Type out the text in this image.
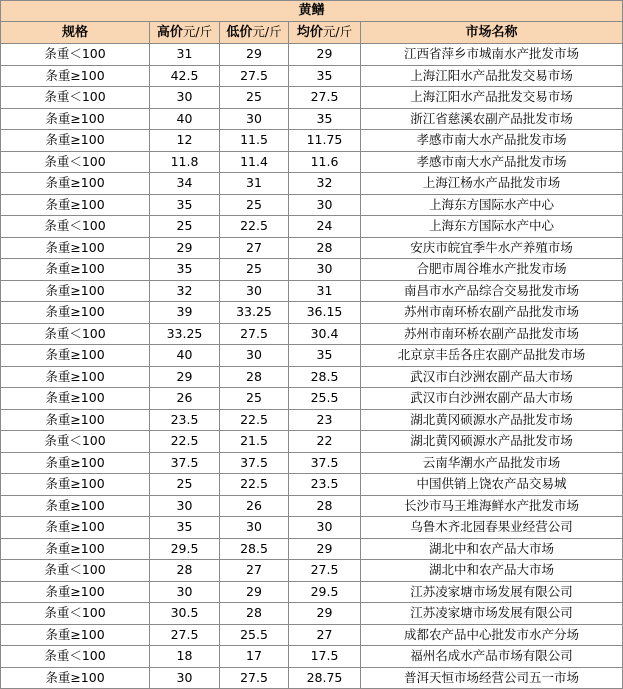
黄鳝				
规格	高价元/斤	低价元/斤	均价元/斤	市场名称
条重＜100	31	29	29	江西省萍乡市城南水产批发市场
条重≥100	42.5	27.5	35	上海江阳水产品批发交易市场
条重＜100	30	25	27.5	上海江阳水产品批发交易市场
条重≥100	40	30	35	浙江省慈溪农副产品批发市场
条重≥100	12	11.5	11.75	孝感市南大水产品批发市场
条重＜100	11.8	11.4	11.6	孝感市南大水产品批发市场
条重≥100	34	31	32	上海江杨水产品批发市场
条重≥100	35	25	30	上海东方国际水产中心
条重＜100	25	22.5	24	上海东方国际水产中心
条重≥100	29	27	28	安庆市皖宜季牛水产养殖市场
条重≥100	35	25	30	合肥市周谷堆水产批发市场
条重≥100	32	30	31	南昌市水产品综合交易批发市场
条重≥100	39	33.25	36.15	苏州市南环桥农副产品批发市场
条重＜100	33.25	27.5	30.4	苏州市南环桥农副产品批发市场
条重≥100	40	30	35	北京京丰岳各庄农副产品批发市场
条重≥100	29	28	28.5	武汉市白沙洲农副产品大市场
条重≥100	26	25	25.5	武汉市白沙洲农副产品大市场
条重≥100	23.5	22.5	23	湖北黄冈硕源水产品批发市场
条重＜100	22.5	21.5	22	湖北黄冈硕源水产品批发市场
条重≥100	37.5	37.5	37.5	云南华潮水产品批发市场
条重≥100	25	22.5	23.5	中国供销上饶农产品交易城
条重≥100	30	26	28	长沙市马王堆海鲜水产批发市场
条重≥100	35	30	30	乌鲁木齐北园春果业经营公司
条重≥100	29.5	28.5	29	湖北中和农产品大市场
条重＜100	28	27	27.5	湖北中和农产品大市场
条重≥100	30	29	29.5	江苏凌家塘市场发展有限公司
条重＜100	30.5	28	29	江苏凌家塘市场发展有限公司
条重≥100	27.5	25.5	27	成都农产品中心批发市水产分场
条重＜100	18	17	17.5	福州名成水产品市场有限公司
条重≥100	30	27.5	28.75	普洱天恒市场经营公司五一市场
